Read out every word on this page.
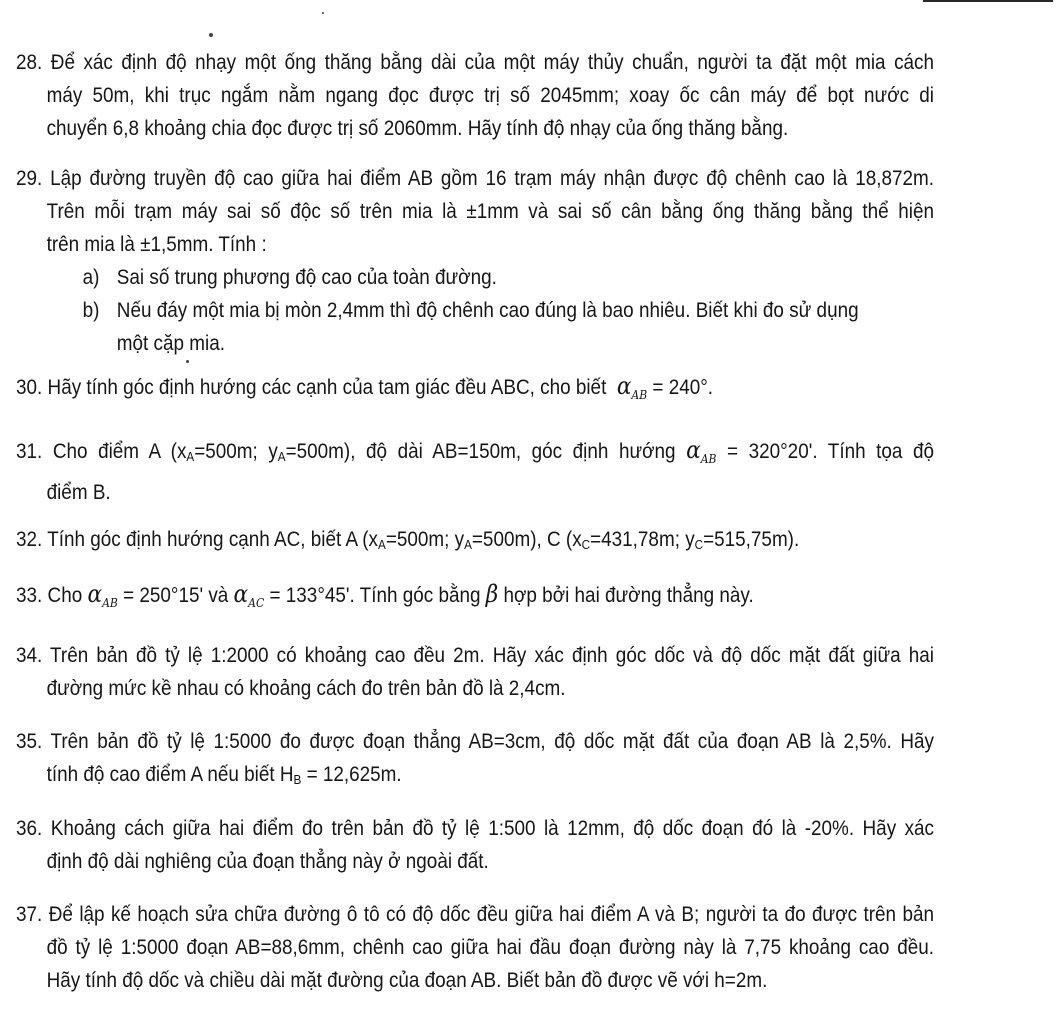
28. Để xác định độ nhạy một ống thăng bằng dài của một máy thủy chuẩn, người ta đặt một mia cách
máy 50m, khi trục ngắm nằm ngang đọc được trị số 2045mm; xoay ốc cân máy để bọt nước di
chuyển 6,8 khoảng chia đọc được trị số 2060mm. Hãy tính độ nhạy của ống thăng bằng.
29. Lập đường truyền độ cao giữa hai điểm AB gồm 16 trạm máy nhận được độ chênh cao là 18,872m.
Trên mỗi trạm máy sai số độc số trên mia là ±1mm và sai số cân bằng ống thăng bằng thể hiện
trên mia là ±1,5mm. Tính :
a) Sai số trung phương độ cao của toàn đường.
b) Nếu đáy một mia bị mòn 2,4mm thì độ chênh cao đúng là bao nhiêu. Biết khi đo sử dụng
một cặp mia.
30. Hãy tính góc định hướng các cạnh của tam giác đều ABC, cho biết $\alpha_{AB} = 240^\circ$.
31. Cho điểm A ($x_A=500m$; $y_A=500m$), độ dài AB=150m, góc định hướng $\alpha_{AB} = 320^\circ 20'$. Tính tọa độ
điểm B.
32. Tính góc định hướng cạnh AC, biết A ($x_A=500m$; $y_A=500m$), C ($x_C=431,78m$; $y_C=515,75m$).
33. Cho $\alpha_{AB} = 250^\circ 15'$ và $\alpha_{AC} = 133^\circ 45'$. Tính góc bằng β hợp bởi hai đường thẳng này.
34. Trên bản đồ tỷ lệ 1:2000 có khoảng cao đều 2m. Hãy xác định góc dốc và độ dốc mặt đất giữa hai
đường mức kề nhau có khoảng cách đo trên bản đồ là 2,4cm.
35. Trên bản đồ tỷ lệ 1:5000 đo được đoạn thẳng AB=3cm, độ dốc mặt đất của đoạn AB là 2,5%. Hãy
tính độ cao điểm A nếu biết $H_B = 12,625m$.
36. Khoảng cách giữa hai điểm đo trên bản đồ tỷ lệ 1:500 là 12mm, độ dốc đoạn đó là -20%. Hãy xác
định độ dài nghiêng của đoạn thẳng này ở ngoài đất.
37. Để lập kế hoạch sửa chữa đường ô tô có độ dốc đều giữa hai điểm A và B; người ta đo được trên bản
đồ tỷ lệ 1:5000 đoạn AB=88,6mm, chênh cao giữa hai đầu đoạn đường này là 7,75 khoảng cao đều.
Hãy tính độ dốc và chiều dài mặt đường của đoạn AB. Biết bản đồ được vẽ với h=2m.
